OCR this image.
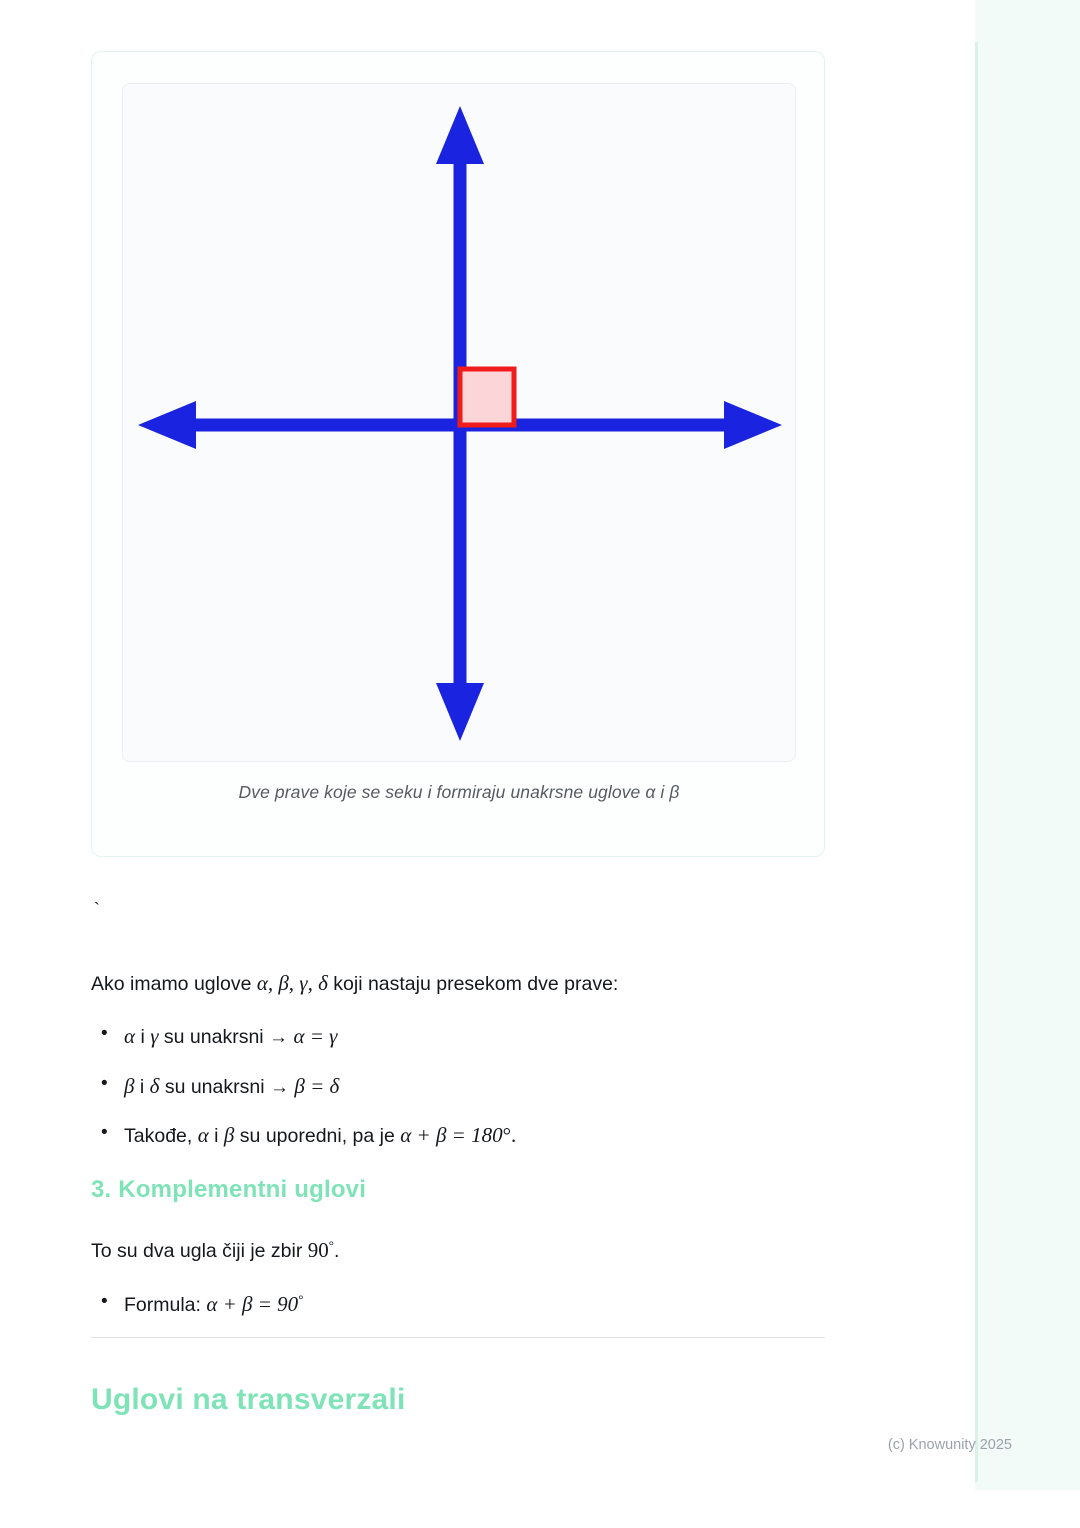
Dve prave koje se seku i formiraju unakrsne uglove α i β
`
Ako imamo uglove α, β, γ, δ koji nastaju presekom dve prave:
• α i γ su unakrsni → α = γ
• β i δ su unakrsni → β = δ
• Takođe, α i β su uporedni, pa je α + β = 180°.
3. Komplementni uglovi
To su dva ugla čiji je zbir 90°.
• Formula: α + β = 90°
Uglovi na transverzali
(c) Knowunity 2025
